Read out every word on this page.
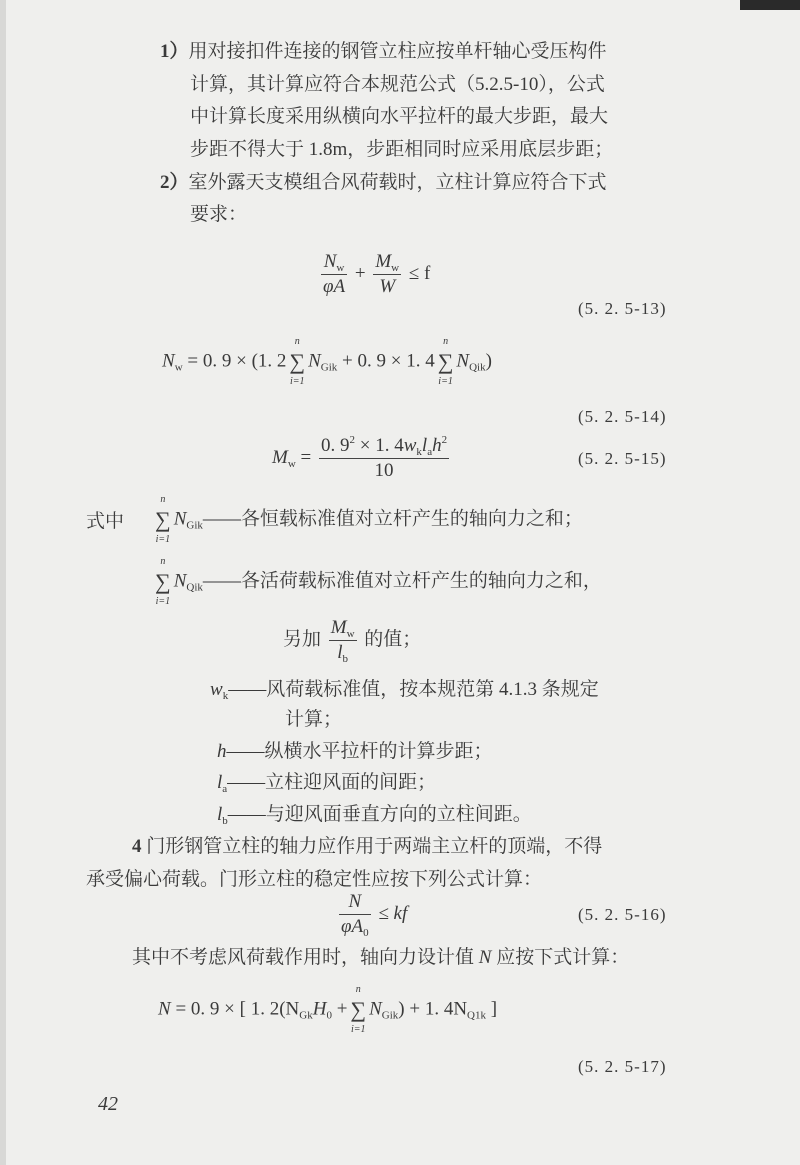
1）用对接扣件连接的钢管立柱应按单杆轴心受压构件
计算，其计算应符合本规范公式（5.2.5-10），公式
中计算长度采用纵横向水平拉杆的最大步距，最大
步距不得大于 1.8m，步距相同时应采用底层步距；
2）室外露天支模组合风荷载时，立柱计算应符合下式
要求：
$\frac{N_w}{\varphi A} + \frac{M_w}{W} \le f$
(5. 2. 5-13)
$N_w = 0$. 9 × (1. 2
n
∑
i=1
$N_{Gik} + 0$. 9 × 1. 4
n
∑
i=1
$N_{Qik}$)
(5. 2. 5-14)
$M_w = \frac{0. 9^2 \times 1. 4w_kl_ah^2}{10}$	(5. 2. 5-15)
式中
n
∑
i=1
$N_{Gik}——$各恒载标准值对立杆产生的轴向力之和；
n
∑
i=1
$N_{Qik}——$各活荷载标准值对立杆产生的轴向力之和，
另加 $\frac{M_w}{l_b}$ 的值；
$w_k——$风荷载标准值，按本规范第 4.1.3 条规定
计算；
h——纵横水平拉杆的计算步距；
$l_a——$立柱迎风面的间距；
$l_b——$与迎风面垂直方向的立柱间距。
4 门形钢管立柱的轴力应作用于两端主立杆的顶端，不得
承受偏心荷载。门形立柱的稳定性应按下列公式计算：
$\frac{N}{\varphi A_0}$ ≤ kf	(5. 2. 5-16)
其中不考虑风荷载作用时，轴向力设计值 N 应按下式计算：
N = 0. 9 × [ 1. $2(N_{Gk}H_0$ +
n
∑
i=1
$N_{Gik}) + 1$. $4N_{Q1k}$ ]
(5. 2. 5-17)
42
